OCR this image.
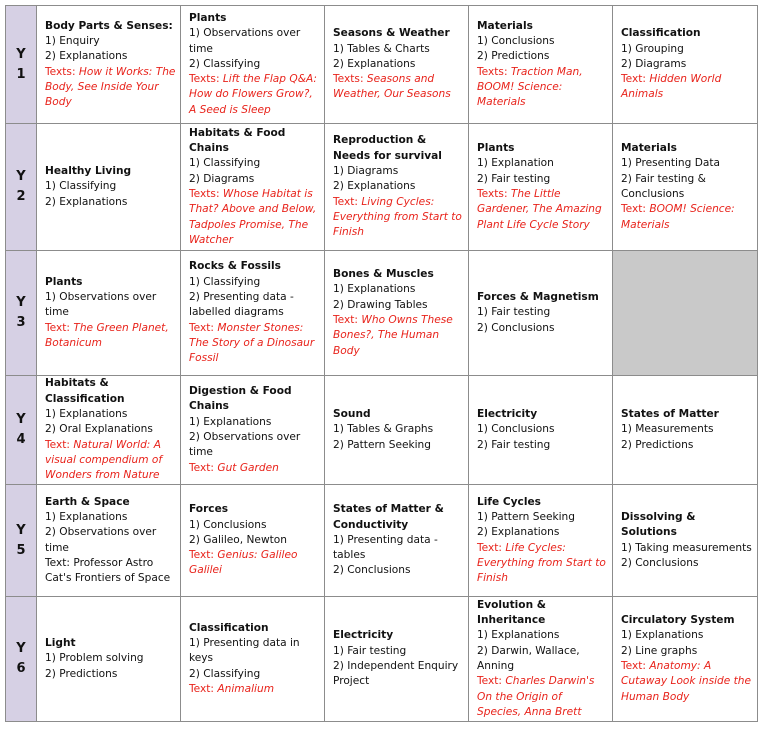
Y
1	Body Parts & Senses:
1) Enquiry
2) Explanations
Texts: How it Works: The Body, See Inside Your Body	Plants
1) Observations over time
2) Classifying
Texts: Lift the Flap Q&A: How do Flowers Grow?, A Seed is Sleep	Seasons & Weather
1) Tables & Charts
2) Explanations
Texts: Seasons and Weather, Our Seasons	Materials
1) Conclusions
2) Predictions
Texts: Traction Man, BOOM! Science: Materials	Classification
1) Grouping
2) Diagrams
Text: Hidden World Animals

Y
2	Healthy Living
1) Classifying
2) Explanations	Habitats & Food Chains
1) Classifying
2) Diagrams
Texts: Whose Habitat is That? Above and Below, Tadpoles Promise, The Watcher	Reproduction & Needs for survival
1) Diagrams
2) Explanations
Text: Living Cycles: Everything from Start to Finish	Plants
1) Explanation
2) Fair testing
Texts: The Little Gardener, The Amazing Plant Life Cycle Story	Materials
1) Presenting Data
2) Fair testing & Conclusions
Text: BOOM! Science: Materials

Y
3	Plants
1) Observations over time
Text: The Green Planet, Botanicum	Rocks & Fossils
1) Classifying
2) Presenting data - labelled diagrams
Text: Monster Stones: The Story of a Dinosaur Fossil	Bones & Muscles
1) Explanations
2) Drawing Tables
Text: Who Owns These Bones?, The Human Body	Forces & Magnetism
1) Fair testing
2) Conclusions	

Y
4	Habitats & Classification
1) Explanations
2) Oral Explanations
Text: Natural World: A visual compendium of Wonders from Nature	Digestion & Food Chains
1) Explanations
2) Observations over time
Text: Gut Garden	Sound
1) Tables & Graphs
2) Pattern Seeking	Electricity
1) Conclusions
2) Fair testing	States of Matter
1) Measurements
2) Predictions

Y
5	Earth & Space
1) Explanations
2) Observations over time
Text: Professor Astro Cat's Frontiers of Space	Forces
1) Conclusions
2) Galileo, Newton
Text: Genius: Galileo Galilei	States of Matter & Conductivity
1) Presenting data - tables
2) Conclusions	Life Cycles
1) Pattern Seeking
2) Explanations
Text: Life Cycles: Everything from Start to Finish	Dissolving & Solutions
1) Taking measurements
2) Conclusions

Y
6	Light
1) Problem solving
2) Predictions	Classification
1) Presenting data in keys
2) Classifying
Text: Animalium	Electricity
1) Fair testing
2) Independent Enquiry Project	Evolution & Inheritance
1) Explanations
2) Darwin, Wallace, Anning
Text: Charles Darwin's On the Origin of Species, Anna Brett	Circulatory System
1) Explanations
2) Line graphs
Text: Anatomy: A Cutaway Look inside the Human Body
